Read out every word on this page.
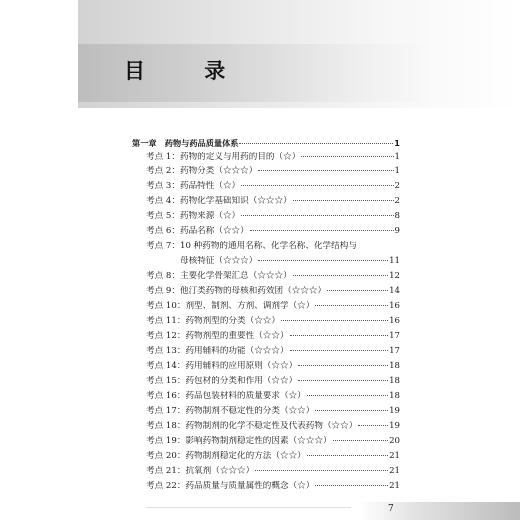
目 录
第一章　药物与药品质量体系	1
考点 1：药物的定义与用药的目的（☆）	1
考点 2：药物分类（☆☆☆）	1
考点 3：药品特性（☆）	2
考点 4：药物化学基础知识（☆☆☆）	2
考点 5：药物来源（☆）	8
考点 6：药品名称（☆☆）	9
考点 7：10 种药物的通用名称、化学名称、化学结构与
母核特征（☆☆☆）	11
考点 8：主要化学骨架汇总（☆☆☆）	12
考点 9：他汀类药物的母核和药效团（☆☆☆）	14
考点 10：剂型、制剂、方剂、调剂学（☆）	16
考点 11：药物剂型的分类（☆☆）	16
考点 12：药物剂型的重要性（☆☆）	17
考点 13：药用辅料的功能（☆☆☆）	17
考点 14：药用辅料的应用原则（☆☆）	18
考点 15：药包材的分类和作用（☆☆）	18
考点 16：药品包装材料的质量要求（☆）	18
考点 17：药物制剂不稳定性的分类（☆☆）	19
考点 18：药物制剂的化学不稳定性及代表药物（☆☆）	19
考点 19：影响药物制剂稳定性的因素（☆☆☆）	20
考点 20：药物制剂稳定化的方法（☆☆）	21
考点 21：抗氧剂（☆☆☆）	21
考点 22：药品质量与质量属性的概念（☆）	21
7
